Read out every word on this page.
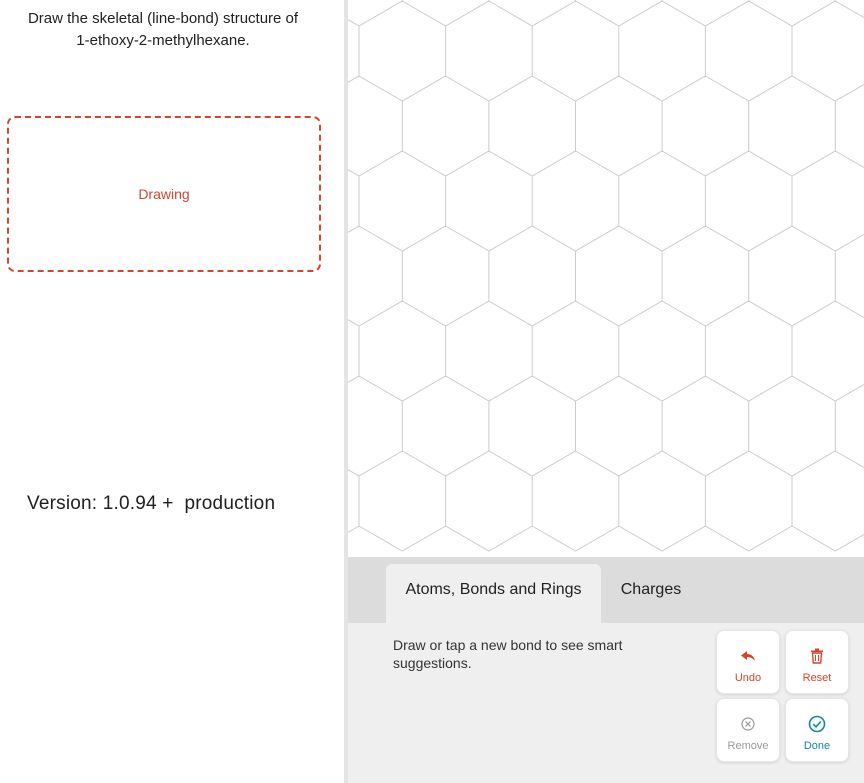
Draw the skeletal (line-bond) structure of
1-ethoxy-2-methylhexane.
Drawing
Version: 1.0.94 +  production
Atoms, Bonds and Rings	Charges
Draw or tap a new bond to see smart suggestions.
Undo	Reset
Remove	Done
